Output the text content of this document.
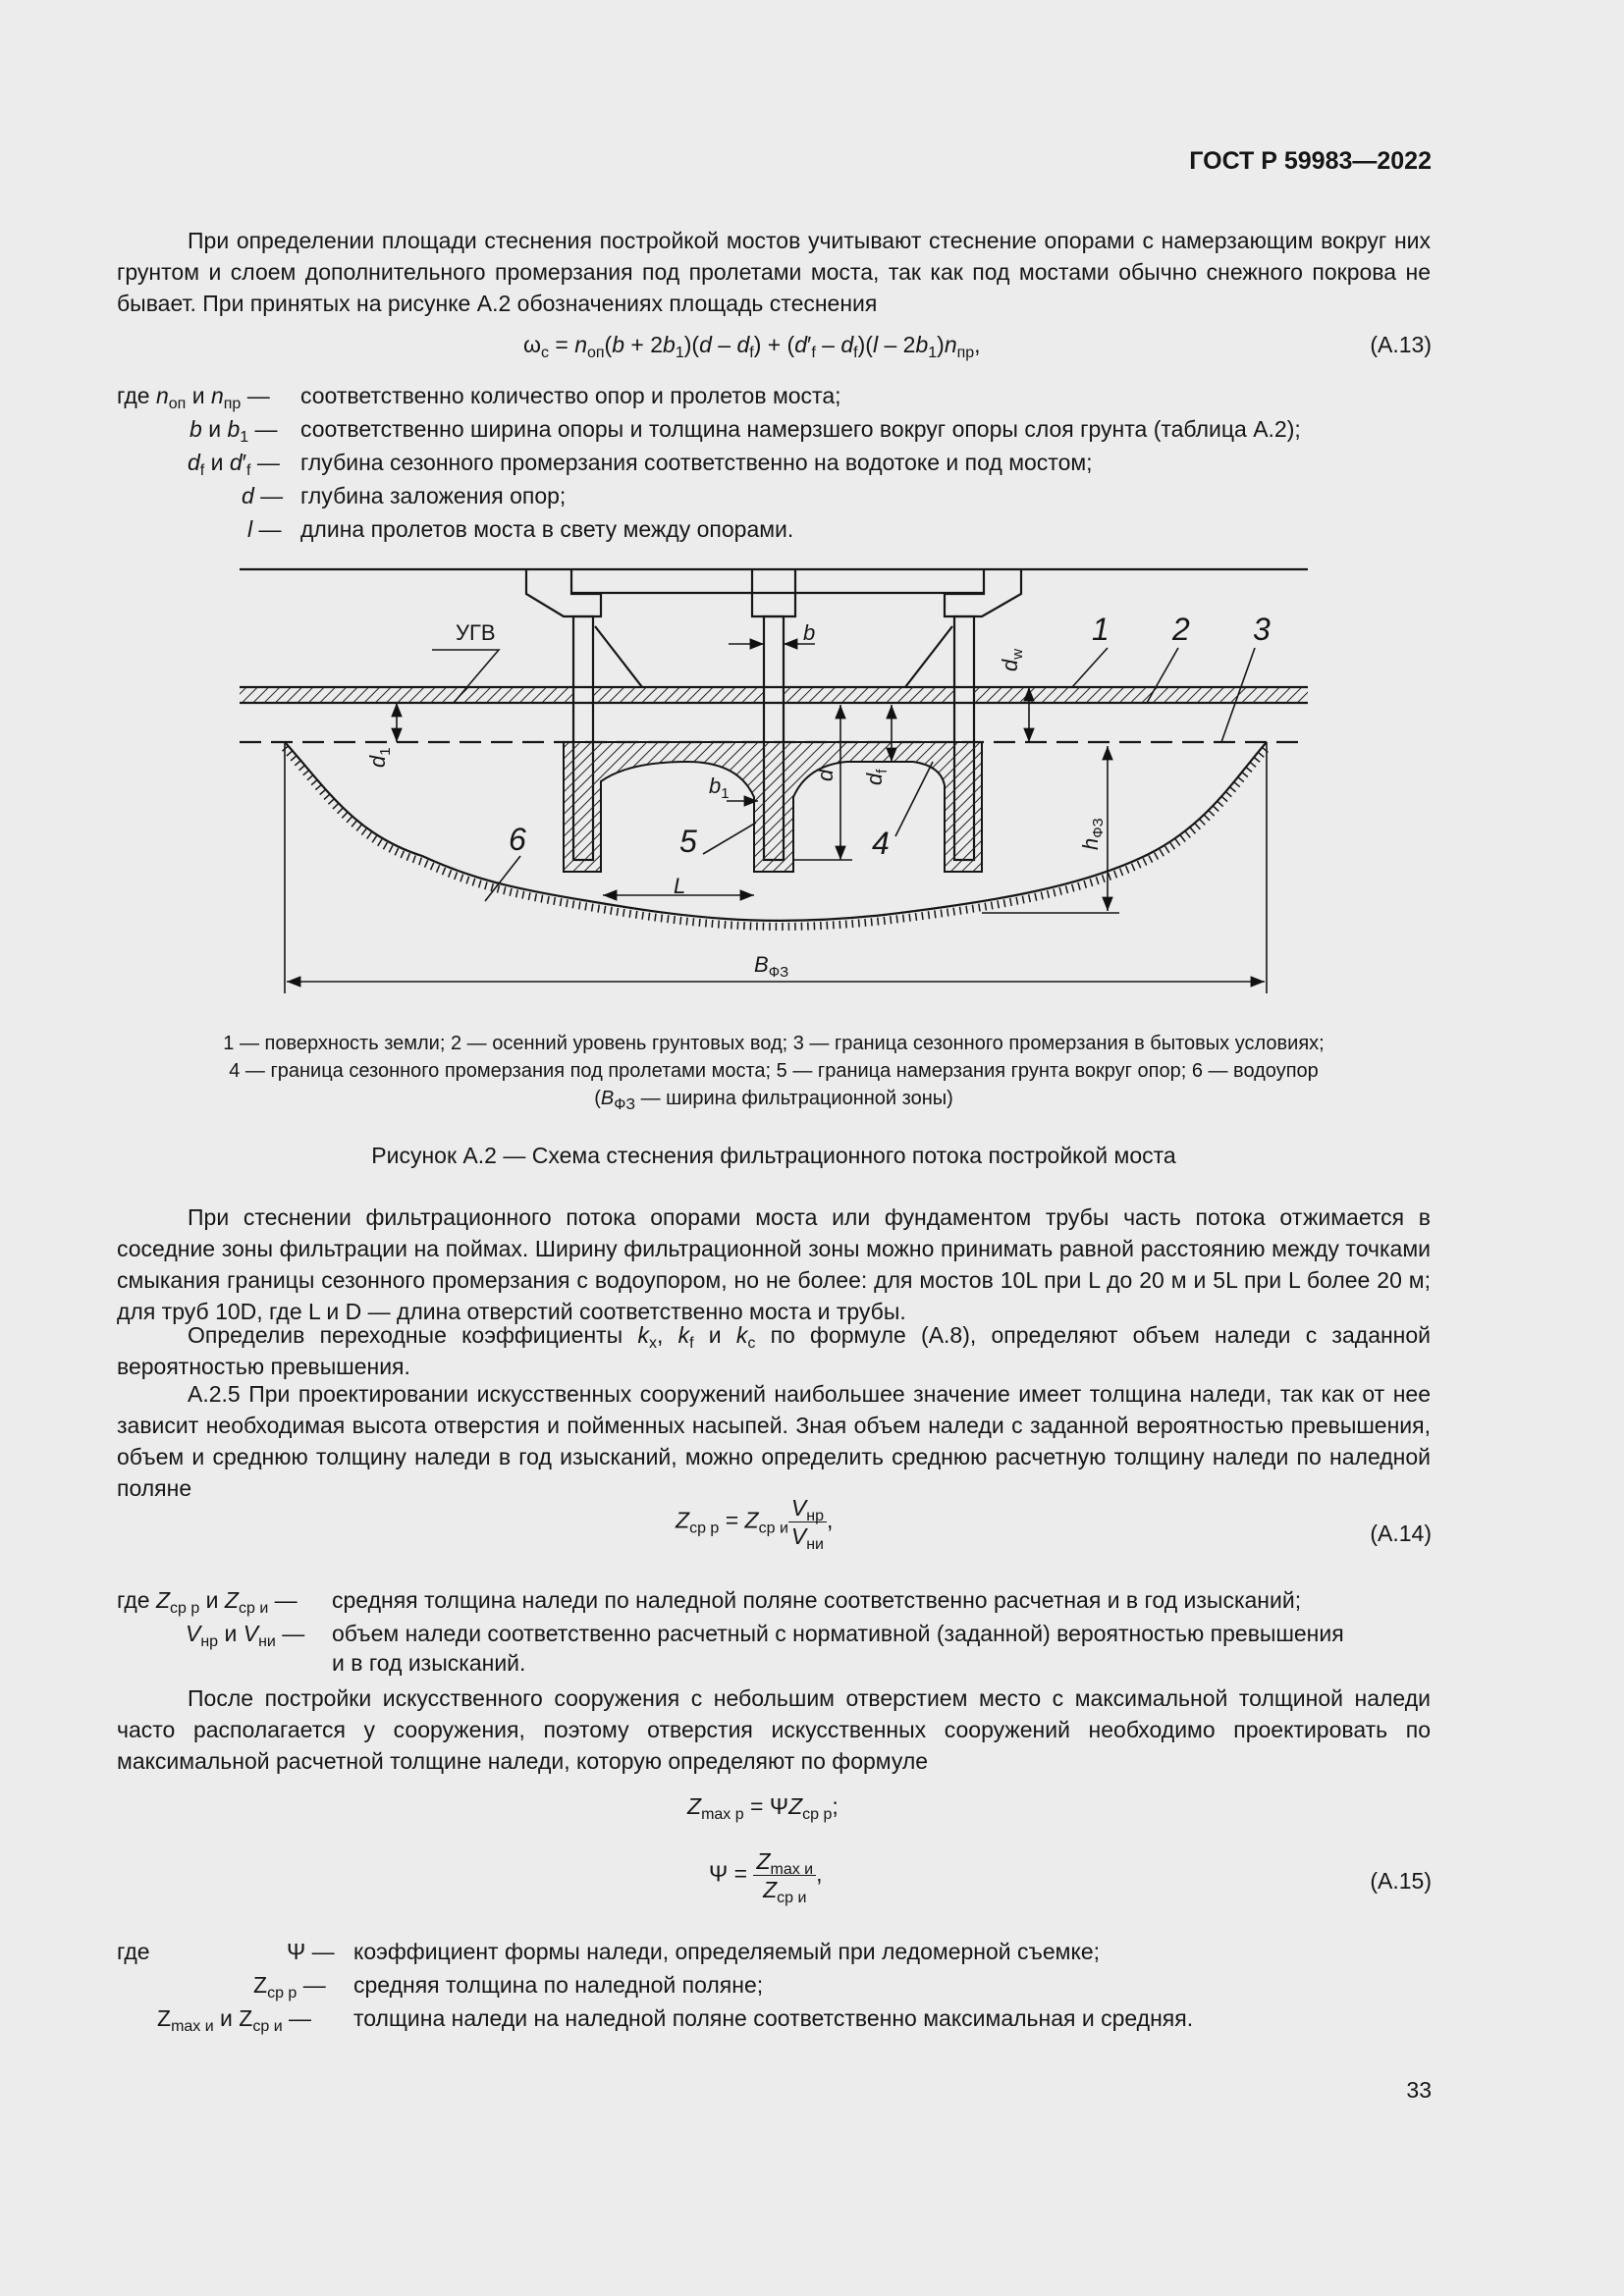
ГОСТ Р 59983—2022

При определении площади стеснения постройкой мостов учитывают стеснение опорами с намерзающим вокруг них грунтом и слоем дополнительного промерзания под пролетами моста, так как под мостами обычно снежного покрова не бывает. При принятых на рисунке А.2 обозначениях площадь стеснения

$\omega_с = n_{оп}(b + 2b_1)(d - d_f) + (d'_f - d_f)(l - 2b_1)n_{пр}$,	(А.13)
где $n_{оп}$ и $n_{пр}$ — соответственно количество опор и пролетов моста;
b и $b_1$ — соответственно ширина опоры и толщина намерзшего вокруг опоры слоя грунта (таблица А.2);
$d_f$ и $d'_f$ — глубина сезонного промерзания соответственно на водотоке и под мостом;
d — глубина заложения опор;
l — длина пролетов моста в свету между опорами.
УГВ	1 2 3
4
5
6
b
$b_1$
L
$B_{ФЗ}$
$d_w$
$d_1$
d $d_f$
$h_{ФЗ}$
1 — поверхность земли; 2 — осенний уровень грунтовых вод; 3 — граница сезонного промерзания в бытовых условиях;
4 — граница сезонного промерзания под пролетами моста; 5 — граница намерзания грунта вокруг опор; 6 — водоупор
($B_{ФЗ}$ — ширина фильтрационной зоны)
Рисунок А.2 — Схема стеснения фильтрационного потока постройкой моста

При стеснении фильтрационного потока опорами моста или фундаментом трубы часть потока отжимается в соседние зоны фильтрации на поймах. Ширину фильтрационной зоны можно принимать равной расстоянию между точками смыкания границы сезонного промерзания с водоупором, но не более: для мостов 10L при L до 20 м и 5L при L более 20 м; для труб 10D, где L и D — длина отверстий соответственно моста и трубы.

Определив переходные коэффициенты $k_x$, $k_f$ и $k_c$ по формуле (А.8), определяют объем наледи с заданной вероятностью превышения.

А.2.5 При проектировании искусственных сооружений наибольшее значение имеет толщина наледи, так как от нее зависит необходимая высота отверстия и пойменных насыпей. Зная объем наледи с заданной вероятностью превышения, объем и среднюю толщину наледи в год изысканий, можно определить среднюю расчетную толщину наледи по наледной поляне

$Z_{ср р} = Z_{ср и} \frac{V_{нр}}{V_{ни}}$ ,
(А.14)
где $Z_{ср р}$ и $Z_{ср и}$ — средняя толщина наледи по наледной поляне соответственно расчетная и в год изысканий;
$V_{нр}$ и $V_{ни}$ — объем наледи соответственно расчетный с нормативной (заданной) вероятностью превышения
и в год изысканий.

После постройки искусственного сооружения с небольшим отверстием место с максимальной толщиной наледи часто располагается у сооружения, поэтому отверстия искусственных сооружений необходимо проектировать по максимальной расчетной толщине наледи, которую определяют по формуле

$Z_{max р} = \Psi Z_{ср р}$;
$\Psi = \frac{Z_{max и}}{Z_{ср и}}$ ,	(А.15)
где	Ψ — коэффициент формы наледи, определяемый при ледомерной съемке;
$Z_{ср р}$ — средняя толщина по наледной поляне;
$Z_{max и}$ и $Z_{ср и}$ — толщина наледи на наледной поляне соответственно максимальная и средняя.
33
